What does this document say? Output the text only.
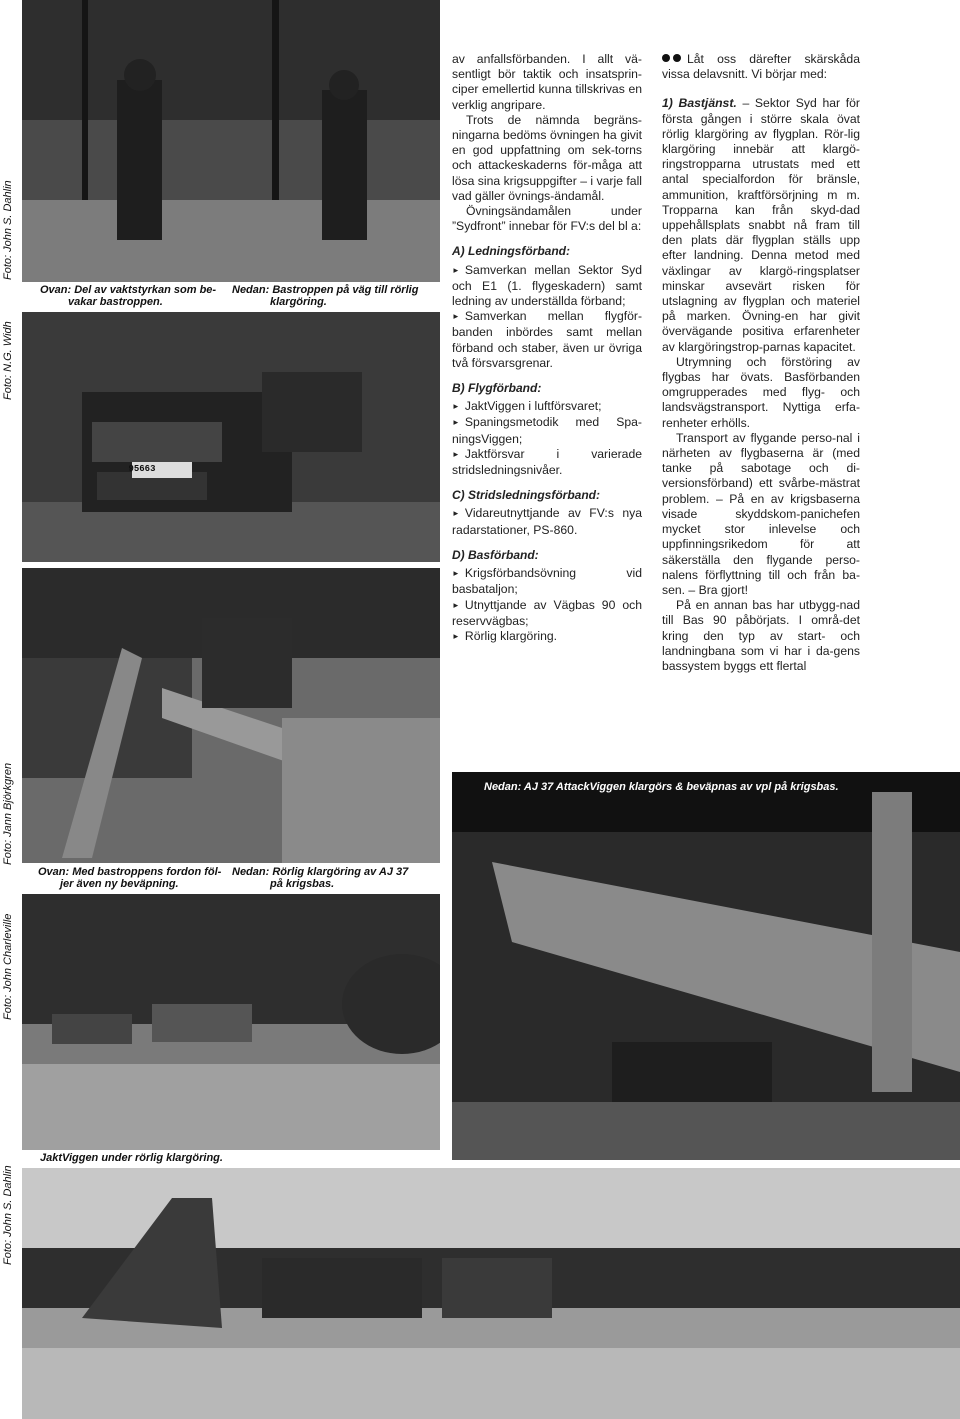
Foto: John S. Dahlin
Ovan: Del av vaktstyrkan som be-
vakar bastroppen.
Nedan: Bastroppen på väg till rörlig
klargöring.
95663
Foto: N.G. Widh
Foto: Jann Björkgren
Ovan: Med bastroppens fordon föl-
jer även ny beväpning.
Nedan: Rörlig klargöring av AJ 37
på krigsbas.
Foto: John Charleville
JaktViggen under rörlig klargöring.
Foto: John S. Dahlin
Nedan: AJ 37 AttackViggen klargörs & beväpnas av vpl på krigsbas.

av anfallsförbanden. I allt vä-sentligt bör taktik och insatsprin-ciper emellertid kunna tillskrivas en verklig angripare.

Trots de nämnda begräns-ningarna bedöms övningen ha givit en god uppfattning om sek-torns och attackeskaderns för-måga att lösa sina krigsuppgifter – i varje fall vad gäller övnings-ändamål.

Övningsändamålen under ”Sydfront” innebar för FV:s del bl a:

A) Ledningsförband:

▲ Samverkan mellan Sektor Syd och E1 (1. flygeskadern) samt ledning av underställda förband;

▲ Samverkan mellan flygför-banden inbördes samt mellan förband och staber, även ur övriga två försvarsgrenar.

B) Flygförband:

▲ JaktViggen i luftförsvaret;

▲ Spaningsmetodik med Spa-ningsViggen;

▲ Jaktförsvar i varierade stridsledningsnivåer.

C) Stridsledningsförband:

▲ Vidareutnyttjande av FV:s nya radarstationer, PS-860.

D) Basförband:

▲ Krigsförbandsövning vid basbataljon;

▲ Utnyttjande av Vägbas 90 och reservvägbas;

▲ Rörlig klargöring.

Låt oss därefter skärskåda vissa delavsnitt. Vi börjar med:

1) Bastjänst. – Sektor Syd har för första gången i större skala övat rörlig klargöring av flygplan. Rör-lig klargöring innebär att klargö-ringstropparna utrustats med ett antal specialfordon för bränsle, ammunition, kraftförsörjning m m. Tropparna kan från skyd-dad uppehållsplats snabbt nå fram till den plats där flygplan ställs upp efter landning. Denna metod med växlingar av klargö-ringsplatser minskar avsevärt risken för utslagning av flygplan och materiel på marken. Övning-en har givit övervägande positiva erfarenheter av klargöringstrop-parnas kapacitet.

Utrymning och förstöring av flygbas har övats. Basförbanden omgrupperades med flyg- och landsvägstransport. Nyttiga erfa-renheter erhölls.

Transport av flygande perso-nal i närheten av flygbaserna är (med tanke på sabotage och di-versionsförband) ett svårbe-mästrat problem. – På en av krigsbaserna visade skyddskom-panichefen mycket stor inlevelse och uppfinningsrikedom för att säkerställa den flygande perso-nalens förflyttning till och från ba-sen. – Bra gjort!

På en annan bas har utbygg-nad till Bas 90 påbörjats. I områ-det kring den typ av start- och landningbana som vi har i da-gens bassystem byggs ett flertal
